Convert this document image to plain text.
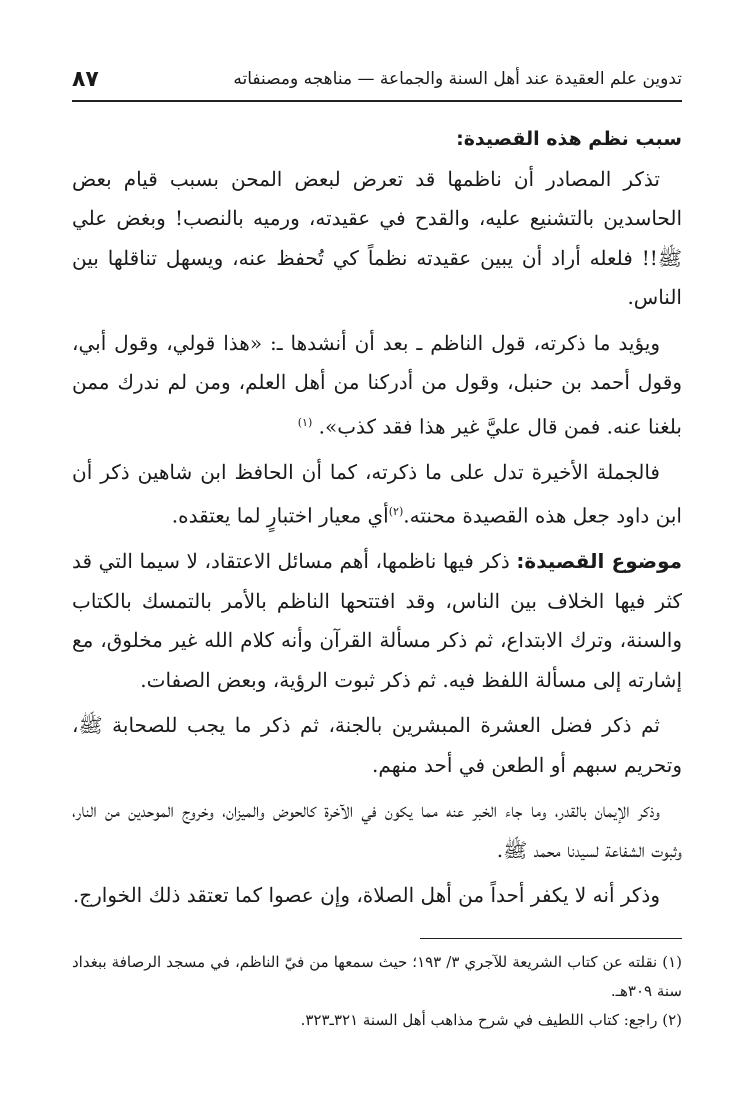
تدوين علم العقيدة عند أهل السنة والجماعة — مناهجه ومصنفاته
٨٧
سبب نظم هذه القصيدة:

تذكر المصادر أن ناظمها قد تعرض لبعض المحن بسبب قيام بعض الحاسدين بالتشنيع عليه، والقدح في عقيدته، ورميه بالنصب! وبغض علي ﷺ!! فلعله أراد أن يبين عقيدته نظماً كي تُحفظ عنه، ويسهل تناقلها بين الناس.

ويؤيد ما ذكرته، قول الناظم ـ بعد أن أنشدها ـ: «هذا قولي، وقول أبي، وقول أحمد بن حنبل، وقول من أدركنا من أهل العلم، ومن لم ندرك ممن بلغنا عنه. فمن قال عليَّ غير هذا فقد كذب». $^{(١)}$

فالجملة الأخيرة تدل على ما ذكرته، كما أن الحافظ ابن شاهين ذكر أن ابن داود جعل هذه القصيدة محنته.$^{(٢)}$أي معيار اختبارٍ لما يعتقده.

موضوع القصيدة: ذكر فيها ناظمها، أهم مسائل الاعتقاد، لا سيما التي قد كثر فيها الخلاف بين الناس، وقد افتتحها الناظم بالأمر بالتمسك بالكتاب والسنة، وترك الابتداع، ثم ذكر مسألة القرآن وأنه كلام الله غير مخلوق، مع إشارته إلى مسألة اللفظ فيه. ثم ذكر ثبوت الرؤية، وبعض الصفات.

ثم ذكر فضل العشرة المبشرين بالجنة، ثم ذكر ما يجب للصحابة ﷺ، وتحريم سبهم أو الطعن في أحد منهم.

وذكر الإيمان بالقدر، وما جاء الخبر عنه مما يكون في الآخرة كالحوض والميزان، وخروج الموحدين من النار، وثبوت الشفاعة لسيدنا محمد ﷺ.

وذكر أنه لا يكفر أحداً من أهل الصلاة، وإن عصوا كما تعتقد ذلك الخوارج.

(١) نقلته عن كتاب الشريعة للآجري ٣/ ١٩٣؛ حيث سمعها من فيّ الناظم، في مسجد الرصافة ببغداد سنة ٣٠٩هـ.

(٢) راجع: كتاب اللطيف في شرح مذاهب أهل السنة ٣٢١ـ٣٢٣.
